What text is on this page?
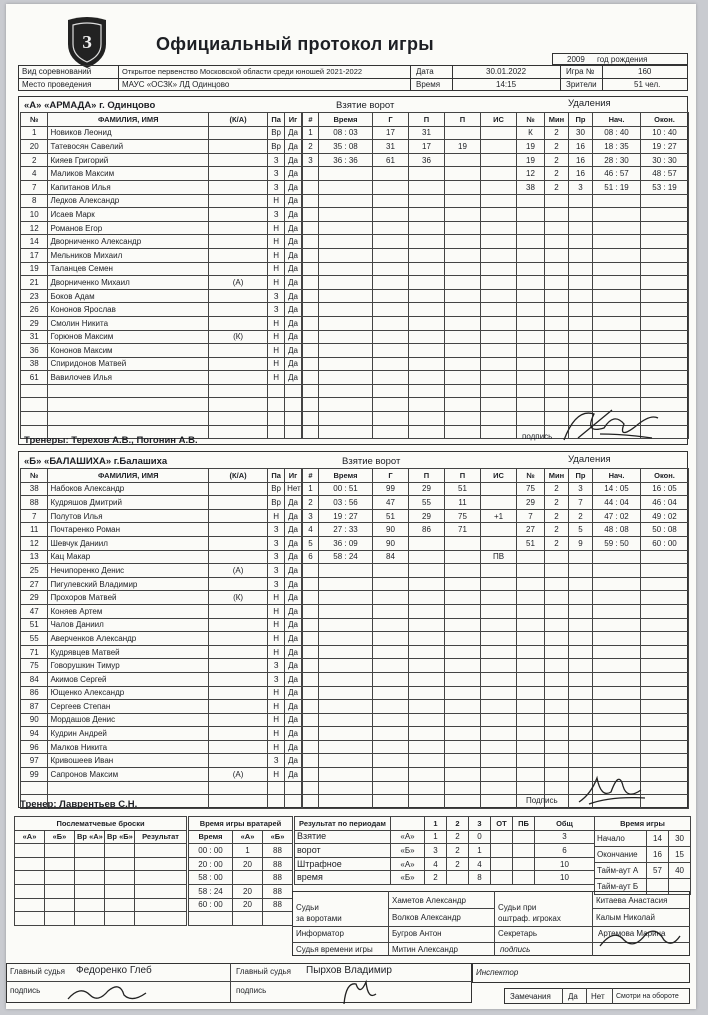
З	Официальный протокол игры
2009 год рождения
Вид соревнований	Открытое первенство Московской области среди юношей 2021-2022	Дата	30.01.2022	Игра №	160
Место проведения	МАУС «ОСЗК» ЛД Одинцово	Время	14:15	Зрители	51 чел.
«А» «АРМАДА» г. Одинцово	Взятие ворот	Удаления
№	ФАМИЛИЯ, ИМЯ	(К/А)	Па	Иг
1	Новиков Леонид		Вр	Да
20	Татевосян Савелий		Вр	Да
2	Кияев Григорий		З	Да
4	Маликов Максим		З	Да
7	Капитанов Илья		З	Да
8	Ледков Александр		Н	Да
10	Исаев Марк		З	Да
12	Романов Егор		Н	Да
14	Дворниченко Александр		Н	Да
17	Мельников Михаил		Н	Да
19	Таланцев Семен		Н	Да
21	Дворниченко Михаил	(А)	Н	Да
23	Боков Адам		З	Да
26	Кононов Ярослав		З	Да
29	Смолин Никита		Н	Да
31	Горюнов Максим	(К)	Н	Да
36	Кононов Максим		Н	Да
38	Спиридонов Матвей		Н	Да
61	Вавилочев Илья		Н	Да

#	Время	Г	П	П	ИС
1	08 : 03	17	31		
2	35 : 08	31	17	19	
3	36 : 36	61	36		

№	Мин	Пр	Нач.	Окон.
К	2	30	08 : 40	10 : 40
19	2	16	18 : 35	19 : 27
19	2	16	28 : 30	30 : 30
12	2	16	46 : 57	48 : 57
38	2	3	51 : 19	53 : 19

Тренеры: Терехов А.В., Погонин А.В.	подпись
«Б» «БАЛАШИХА» г.Балашиха	Взятие ворот	Удаления
№	ФАМИЛИЯ, ИМЯ	(К/А)	Па	Иг
38	Набоков Александр		Вр	Нет
88	Кудряшов Дмитрий		Вр	Да
7	Полутов Илья		Н	Да
11	Почтаренко Роман		З	Да
12	Шевчук Даниил		З	Да
13	Кац Макар		З	Да
25	Нечипоренко Денис	(А)	З	Да
27	Пигулевский Владимир		З	Да
29	Прохоров Матвей	(К)	Н	Да
47	Коняев Артем		Н	Да
51	Чалов Даниил		Н	Да
55	Аверченков Александр		Н	Да
71	Кудрявцев Матвей		Н	Да
75	Говорушкин Тимур		З	Да
84	Акимов Сергей		З	Да
86	Ющенко Александр		Н	Да
87	Сергеев Степан		Н	Да
90	Мордашов Денис		Н	Да
94	Кудрин Андрей		Н	Да
96	Малков Никита		Н	Да
97	Кривошеев Иван		З	Да
99	Сапронов Максим	(А)	Н	Да

#	Время	Г	П	П	ИС
1	00 : 51	99	29	51	
2	03 : 56	47	55	11	
3	19 : 27	51	29	75	+1
4	27 : 33	90	86	71	
5	36 : 09	90			
6	58 : 24	84			ПВ

№	Мин	Пр	Нач.	Окон.
75	2	3	14 : 05	16 : 05
29	2	7	44 : 04	46 : 04
7	2	2	47 : 02	49 : 02
27	2	5	48 : 08	50 : 08
51	2	9	59 : 50	60 : 00

Тренер: Лаврентьев С.Н.	Подпись
Послематчевые броски				

«А»	«Б»	Вр «А»	Вр «Б»	Результат

Время игры вратарей		

Время	«А»	«Б»
00 : 00	1	88
20 : 00	20	88
58 : 00		88
58 : 24	20	88
60 : 00	20	88

Результат по периодам		1	2	3	ОТ	ПБ	Общ
Взятие	«А»	1	2	0			3
ворот	«Б»	3	2	1			6
Штрафное	«А»	4	2	4			10
время	«Б»	2		8			10
Время игры		
Начало	14	30
Окончание	16	15
Тайм-аут А	57	40
Тайм-аут Б		
Судьи
за воротами
Хаметов Александр
Волков Александр
Судьи при
оштраф. игроках
Китаева Анастасия
Калым Николай
Информатор	Бугров Антон	Секретарь	Артемова Марина
Судья времени игры Митин Александр	подпись
Главный судья Федоренко Глеб	Главный судья Пырхов Владимир
подпись	подпись
Инспектор
Замечания Да Нет Смотри на обороте
